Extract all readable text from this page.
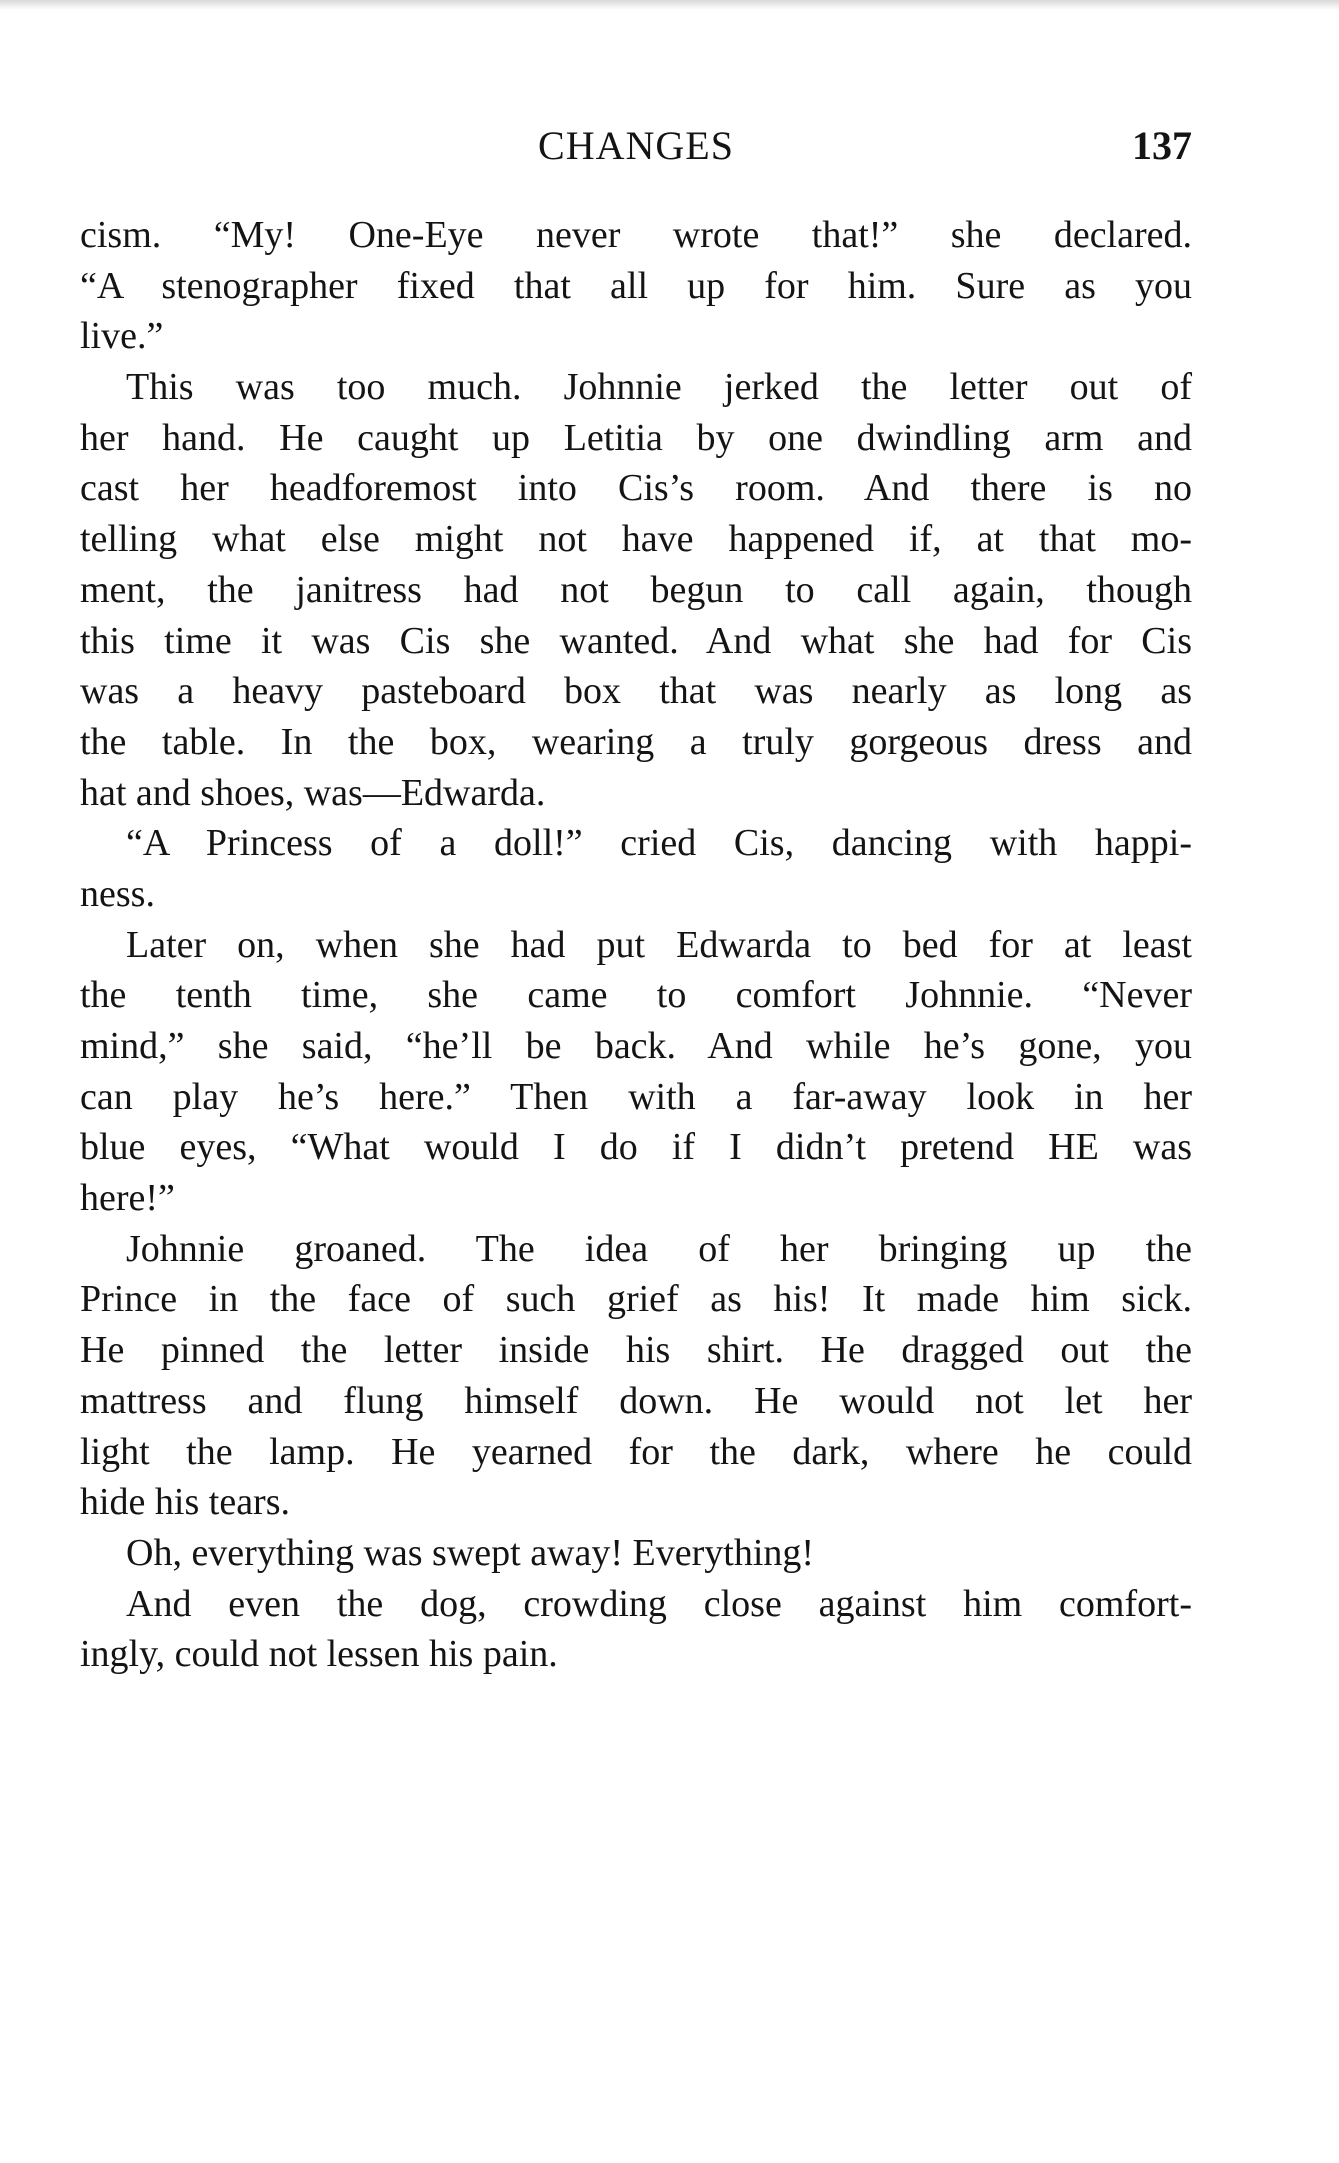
CHANGES	137
cism. “My! One-Eye never wrote that!” she declared.
“A stenographer fixed that all up for him. Sure as you
live.”
This was too much. Johnnie jerked the letter out of
her hand. He caught up Letitia by one dwindling arm and
cast her headforemost into Cis’s room. And there is no
telling what else might not have happened if, at that mo-
ment, the janitress had not begun to call again, though
this time it was Cis she wanted. And what she had for Cis
was a heavy pasteboard box that was nearly as long as
the table. In the box, wearing a truly gorgeous dress and
hat and shoes, was—Edwarda.
“A Princess of a doll!” cried Cis, dancing with happi-
ness.
Later on, when she had put Edwarda to bed for at least
the tenth time, she came to comfort Johnnie. “Never
mind,” she said, “he’ll be back. And while he’s gone, you
can play he’s here.” Then with a far-away look in her
blue eyes, “What would I do if I didn’t pretend HE was
here!”
Johnnie groaned. The idea of her bringing up the
Prince in the face of such grief as his! It made him sick.
He pinned the letter inside his shirt. He dragged out the
mattress and flung himself down. He would not let her
light the lamp. He yearned for the dark, where he could
hide his tears.
Oh, everything was swept away! Everything!
And even the dog, crowding close against him comfort-
ingly, could not lessen his pain.
